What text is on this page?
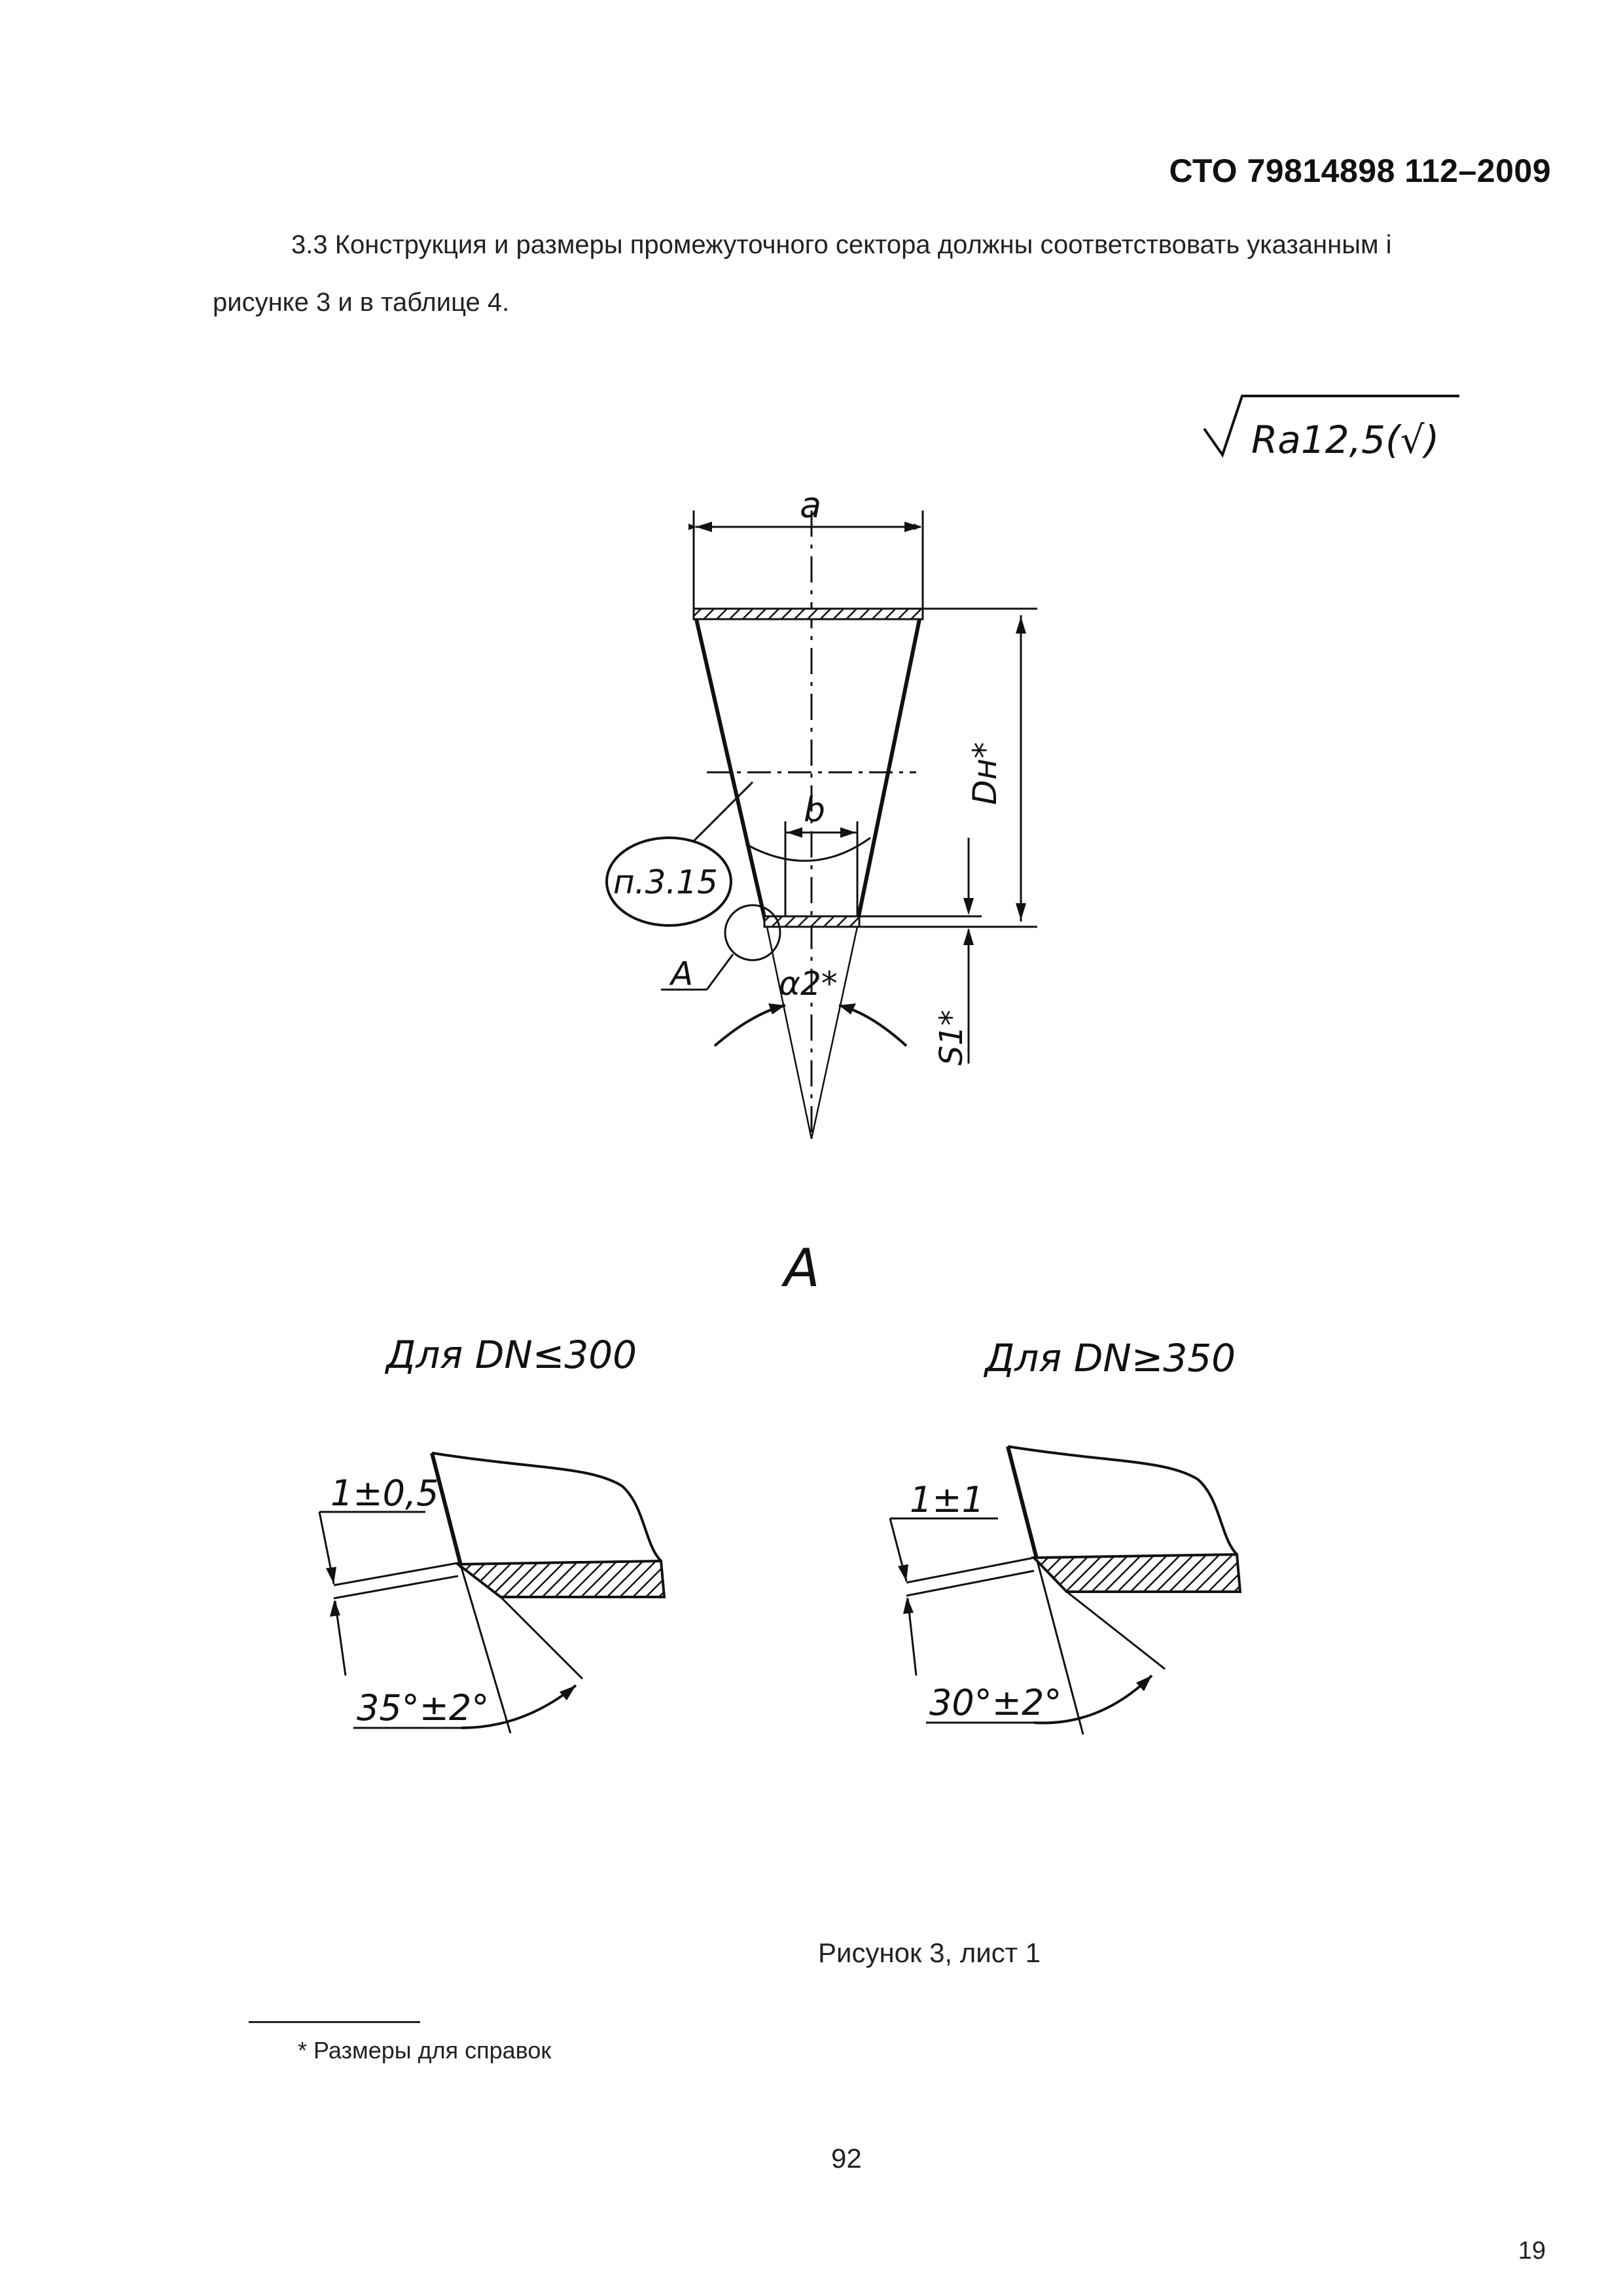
СТО 79814898 112–2009
3.3 Конструкция и размеры промежуточного сектора должны соответствовать указанным і
рисунке 3 и в таблице 4.
Ra12,5(√)
a
b
Dн*
S1*
п.3.15
A	α2*
A
Для DN≤300
1±0,5
35°±2°
Для DN≥350
1±1
30°±2°
Рисунок 3, лист 1
* Размеры для справок
92
19
